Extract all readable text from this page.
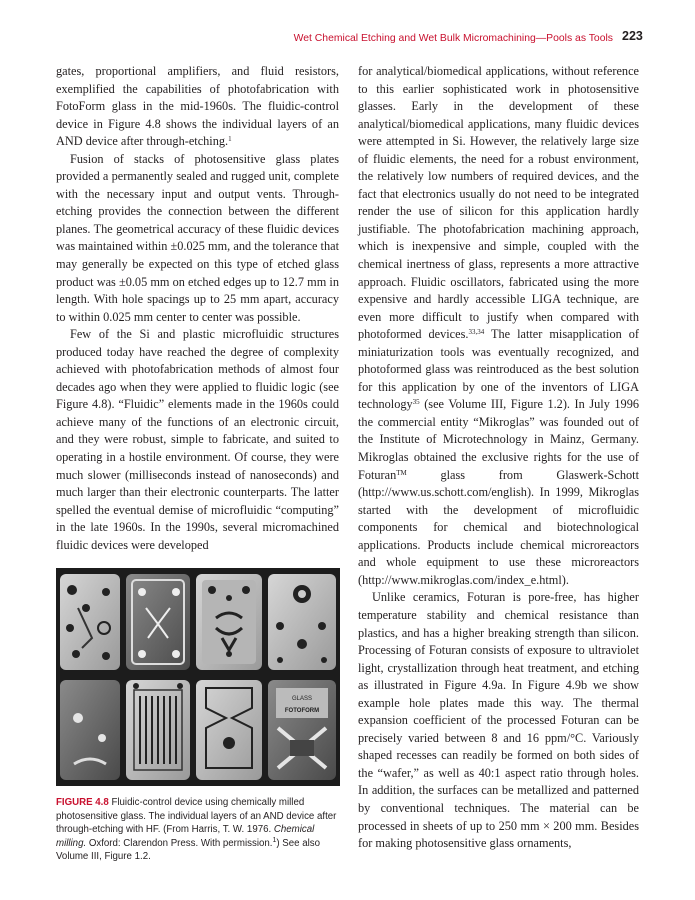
Wet Chemical Etching and Wet Bulk Micromachining—Pools as Tools 223

gates, proportional amplifiers, and fluid resistors, exemplified the capabilities of photofabrication with FotoForm glass in the mid-1960s. The fluidic-control device in Figure 4.8 shows the individual layers of an AND device after through-etching.$^1$

Fusion of stacks of photosensitive glass plates provided a permanently sealed and rugged unit, complete with the necessary input and output vents. Through-etching provides the connection between the different planes. The geometrical accuracy of these fluidic devices was maintained within ±0.025 mm, and the tolerance that may generally be expected on this type of etched glass product was ±0.05 mm on etched edges up to 12.7 mm in length. With hole spacings up to 25 mm apart, accuracy to within 0.025 mm center to center was possible.

Few of the Si and plastic microfluidic structures produced today have reached the degree of complexity achieved with photofabrication methods of almost four decades ago when they were applied to fluidic logic (see Figure 4.8). “Fluidic” elements made in the 1960s could achieve many of the functions of an electronic circuit, and they were robust, simple to fabricate, and suited to operating in a hostile environment. Of course, they were much slower (milliseconds instead of nanoseconds) and much larger than their electronic counterparts. The latter spelled the eventual demise of microfluidic “computing” in the late 1960s. In the 1990s, several micromachined fluidic devices were developed

GLASS
FOTOFORM
FIGURE 4.8 Fluidic-control device using chemically milled photosensitive glass. The individual layers of an AND device after through-etching with HF. (From Harris, T. W. 1976. Chemical milling. Oxford: Clarendon Press. With permission.$^1$) See also Volume III, Figure 1.2.

for analytical/biomedical applications, without reference to this earlier sophisticated work in photosensitive glasses. Early in the development of these analytical/biomedical applications, many fluidic devices were attempted in Si. However, the relatively large size of fluidic elements, the need for a robust environment, the relatively low numbers of required devices, and the fact that electronics usually do not need to be integrated render the use of silicon for this application hardly justifiable. The photofabrication machining approach, which is inexpensive and simple, coupled with the chemical inertness of glass, represents a more attractive approach. Fluidic oscillators, fabricated using the more expensive and hardly accessible LIGA technique, are even more difficult to justify when compared with photoformed devices.$^{33,34}$ The latter misapplication of miniaturization tools was eventually recognized, and photoformed glass was reintroduced as the best solution for this application by one of the inventors of LIGA technology$^{35}$ (see Volume III, Figure 1.2). In July 1996 the commercial entity “Mikroglas” was founded out of the Institute of Microtechnology in Mainz, Germany. Mikroglas obtained the exclusive rights for the use of Foturan™ glass from Glaswerk-Schott (http://www.us.schott.com/english). In 1999, Mikroglas started with the development of microfluidic components for chemical and biotechnological applications. Products include chemical microreactors and whole equipment to use these microreactors (http://www.mikroglas.com/index_e.html).

Unlike ceramics, Foturan is pore-free, has higher temperature stability and chemical resistance than plastics, and has a higher breaking strength than silicon. Processing of Foturan consists of exposure to ultraviolet light, crystallization through heat treatment, and etching as illustrated in Figure 4.9a. In Figure 4.9b we show example hole plates made this way. The thermal expansion coefficient of the processed Foturan can be precisely varied between 8 and 16 ppm/°C. Variously shaped recesses can readily be formed on both sides of the “wafer,” as well as 40:1 aspect ratio through holes. In addition, the surfaces can be metallized and patterned by conventional techniques. The material can be processed in sheets of up to 250 mm × 200 mm. Besides for making photosensitive glass ornaments,
